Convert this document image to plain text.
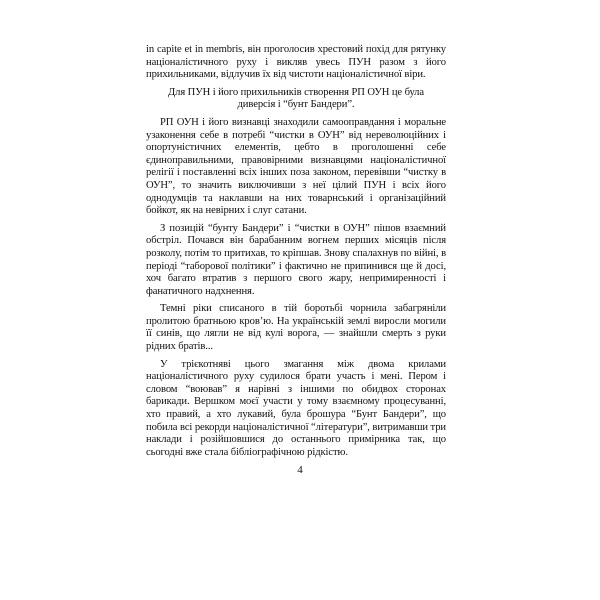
in capite et in membris, він проголосив хрестовий похід для рятунку націоналістичного руху і викляв увесь ПУН разом з його прихильниками, відлучив їх від чистоти націоналістичної віри.

Для ПУН і його прихильників створення РП ОУН це була диверсія і “бунт Бандери”.

РП ОУН і його визнавці знаходили самооправдання і моральне узаконення себе в потребі “чистки в ОУН” від нереволюційних і опортуністичних елементів, цебто в проголошенні себе єдиноправильними, правовірними визнавцями націоналістичної релігії і поставленні всіх інших поза законом, перевівши “чистку в ОУН”, то значить виключивши з неї цілий ПУН і всіх його однодумців та наклавши на них товарнський і організаційний бойкот, як на невірних і слуг сатани.

З позицій “бунту Бандери” і “чистки в ОУН” пішов взаємний обстріл. Почався він барабанним вогнем перших місяців після розколу, потім то притихав, то кріпшав. Знову спалахнув по війні, в періоді “таборової політики” і фактично не припинився ще й досі, хоч багато втратив з першого свого жару, непримиренності і фанатичного надхнення.

Темні ріки списаного в тій боротьбі чорнила забагряніли пролитою братньою кров’ю. На українській землі виросли могили її синів, що лягли не від кулі ворога, — знайшли смерть з руки рідних братів...

У трієкотняві цього змагання між двома крилами націоналістичного руху судилося брати участь і мені. Пером і словом “воював” я нарівні з іншими по обидвох сторонах барикади. Вершком моєї участи у тому взаємному процесуванні, хто правий, а хто лукавий, була брошура “Бунт Бандери”, що побила всі рекорди націоналістичної “літератури”, витримавши три наклади і розійшовшися до останнього примірника так, що сьогодні вже стала бібліографічною рідкістю.

4
